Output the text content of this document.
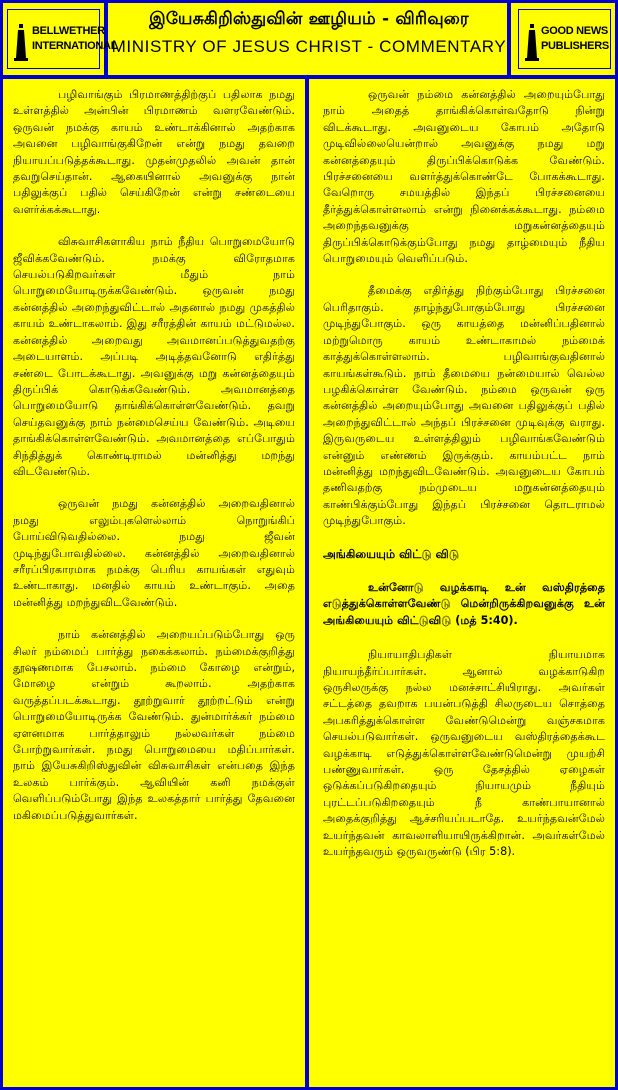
BELLWETHER
INTERNATIONAL
இயேசுகிறிஸ்துவின் ஊழியம் - விரிவுரை
MINISTRY OF JESUS CHRIST - COMMENTARY
GOOD NEWS
PUBLISHERS

பழிவாங்கும் பிரமாணத்திற்குப் பதிலாக நமது உள்ளத்தில் அன்பின் பிரமாணம் வளரவேண்டும். ஒருவன் நமக்கு காயம் உண்டாக்கினால் அதற்காக அவனை பழிவாங்குகிறேன் என்று நமது தவறை நியாயப்படுத்தக்கூடாது. முதன்முதலில் அவன் தான் தவறுசெய்தான். ஆகையினால் அவனுக்கு நான் பதிலுக்குப் பதில் செய்கிறேன் என்று சண்டையை வளர்க்கக்கூடாது.

விசுவாசிகளாகிய நாம் நீதிய பொறுமையோடு ஜீவிக்கவேண்டும். நமக்கு விரோதமாக செயல்படுகிறவர்கள் மீதும் நாம் பொறுமையோடிருக்கவேண்டும். ஒருவன் நமது கன்னத்தில் அறைந்துவிட்டால் அதனால் நமது முகத்தில் காயம் உண்டாகலாம். இது சரீரத்தின் காயம் மட்டுமல்ல. கன்னத்தில் அறைவது அவமானப்படுத்துவதற்கு அடையாளம். அப்படி அடித்தவனோடு எதிர்த்து சண்டை போடக்கூடாது. அவனுக்கு மறு கன்னத்தையும் திருப்பிக் கொடுக்கவேண்டும். அவமானத்தை பொறுமையோடு தாங்கிக்கொள்ளவேண்டும். தவறு செய்தவனுக்கு நாம் நன்மைசெய்ய வேண்டும். அடியை தாங்கிக்கொள்ளவேண்டும். அவமானத்தை எப்போதும் சிந்தித்துக் கொண்டிராமல் மன்னித்து மறந்து விடவேண்டும்.

ஒருவன் நமது கன்னத்தில் அறைவதினால் நமது எலும்புகளெல்லாம் நொறுங்கிப் போய்விடுவதில்லை. நமது ஜீவன் முடிந்துபோவதில்லை. கன்னத்தில் அறைவதினால் சரீரப்பிரகாரமாக நமக்கு பெரிய காயங்கள் எதுவும் உண்டாகாது. மனதில் காயம் உண்டாகும். அதை மன்னித்து மறந்துவிடவேண்டும்.

நாம் கன்னத்தில் அறையப்படும்போது ஒரு சிலர் நம்மைப் பார்த்து நகைக்கலாம். நம்மைக்குறித்து தூஷணமாக பேசலாம். நம்மை கோழை என்றும், மோழை என்றும் கூறலாம். அதற்காக வருத்தப்படக்கூடாது. தூற்றுவார் தூற்றட்டும் என்று பொறுமையோடிருக்க வேண்டும். துன்மார்க்கர் நம்மை ஏளனமாக பார்த்தாலும் நல்லவர்கள் நம்மை போற்றுவார்கள். நமது பொறுமையை மதிப்பார்கள். நாம் இயேசுகிறிஸ்துவின் விசுவாசிகள் என்பதை இந்த உலகம் பார்க்கும். ஆவியின் கனி நமக்குள் வெளிப்படும்போது இந்த உலகத்தார் பார்த்து தேவனை மகிமைப்படுத்துவார்கள்.

ஒருவன் நம்மை கன்னத்தில் அறையும்போது நாம் அதைத் தாங்கிக்கொள்வதோடு நின்று விடக்கூடாது. அவனுடைய கோபம் அதோடு முடிவில்லையென்றால் அவனுக்கு நமது மறு கன்னத்தையும் திருப்பிக்கொடுக்க வேண்டும். பிரச்சனையை வளர்த்துக்கொண்டே போகக்கூடாது. வேறொரு சமயத்தில் இந்தப் பிரச்சனையை தீர்த்துக்கொள்ளலாம் என்று நினைக்கக்கூடாது. நம்மை அறைந்தவனுக்கு மறுகன்னத்தையும் திருப்பிக்கொடுக்கும்போது நமது தாழ்மையும் நீதிய பொறுமையும் வெளிப்படும்.

தீமைக்கு எதிர்த்து நிற்கும்போது பிரச்சனை பெரிதாகும். தாழ்ந்துபோகும்போது பிரச்சனை முடிந்துபோகும். ஒரு காயத்தை மன்னிப்பதினால் மற்றுமொரு காயம் உண்டாகாமல் நம்மைக் காத்துக்கொள்ளலாம். பழிவாங்குவதினால் காயங்கள்கூடும். நாம் தீமையை நன்மையால் வெல்ல பழகிக்கொள்ள வேண்டும். நம்மை ஒருவன் ஒரு கன்னத்தில் அறையும்போது அவனை பதிலுக்குப் பதில் அறைந்துவிட்டால் அந்தப் பிரச்சனை முடிவுக்கு வராது. இருவருடைய உள்ளத்திலும் பழிவாங்கவேண்டும் என்னும் எண்ணம் இருக்கும். காயம்பட்ட நாம் மன்னித்து மறந்துவிடவேண்டும். அவனுடைய கோபம் தணிவதற்கு நம்முடைய மறுகன்னத்தையும் காண்பிக்கும்போது இந்தப் பிரச்சனை தொடராமல் முடிந்துபோகும்.

அங்கியையும் விட்டு விடு

உன்னோடு வழக்காடி உன் வஸ்திரத்தை எடுத்துக்கொள்ளவேண்டு மென்றிருக்கிறவனுக்கு உன் அங்கியையும் விட்டுவிடு (மத் 5:40).

நியாயாதிபதிகள் நியாயமாக நியாயந்தீர்ப்பார்கள். ஆனால் வழக்காடுகிற ஒருசிலருக்கு நல்ல மனச்சாட்சியிராது. அவர்கள் சட்டத்தை தவறாக பயன்படுத்தி சிலருடைய சொத்தை அபகரித்துக்கொள்ள வேண்டுமென்று வஞ்சகமாக செயல்படுவார்கள். ஒருவனுடைய வஸ்திரத்தைக்கூட வழக்காடி எடுத்துக்கொள்ளவேண்டுமென்று முயற்சி பண்ணுவார்கள். ஒரு தேசத்தில் ஏழைகள் ஒடுக்கப்படுகிறதையும் நியாயமும் நீதியும் புரட்டப்படுகிறதையும் நீ காண்பாயானால் அதைக்குறித்து ஆச்சரியப்படாதே. உயர்ந்தவன்மேல் உயர்ந்தவன் காவலாளியாயிருக்கிறான். அவர்கள்மேல் உயர்ந்தவரும் ஒருவருண்டு (பிர 5:8).
